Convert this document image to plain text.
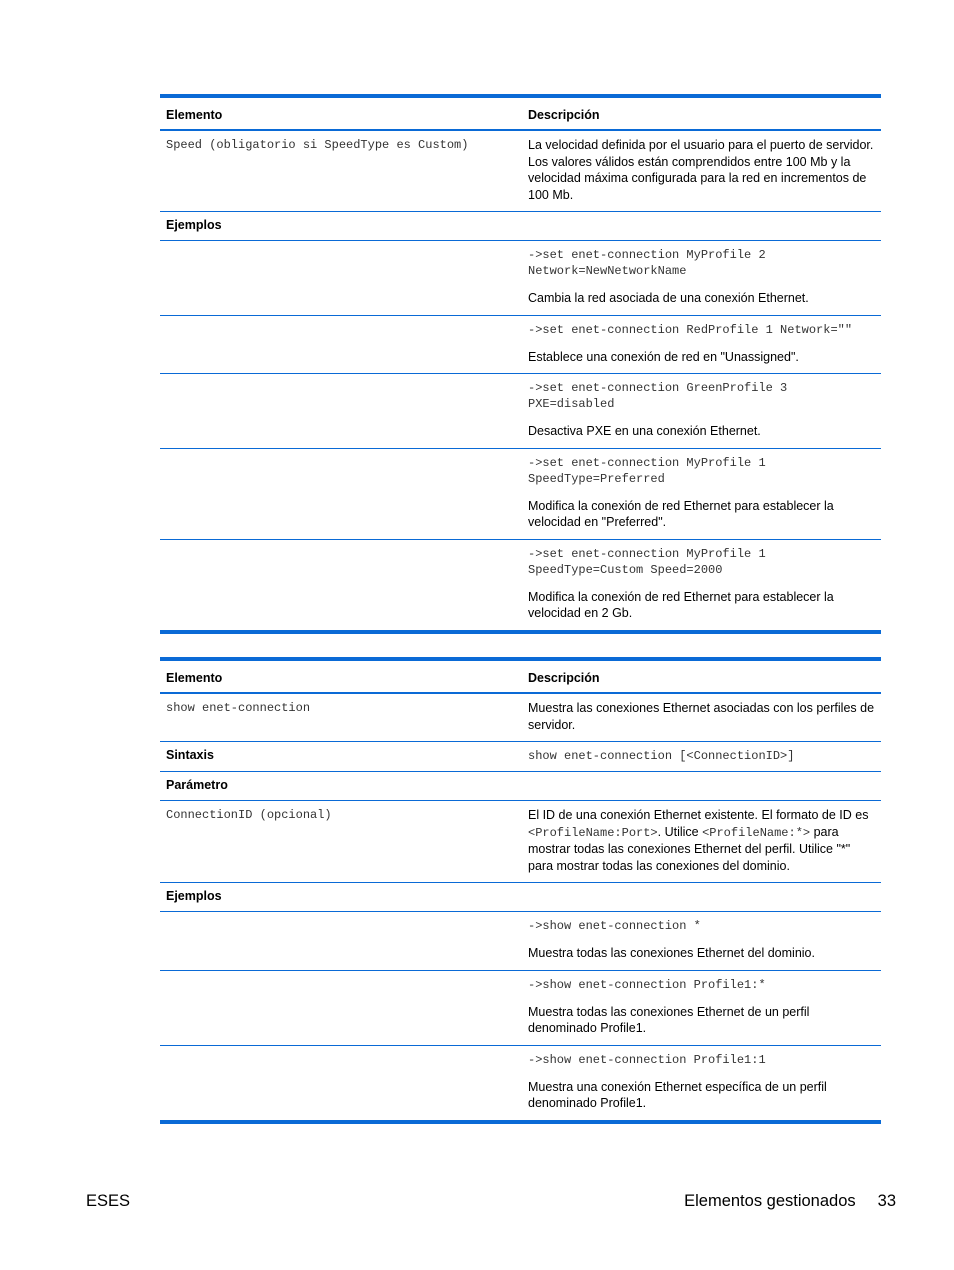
Elemento	Descripción
Speed (obligatorio si SpeedType es Custom)	La velocidad definida por el usuario para el puerto de servidor. Los valores válidos están comprendidos entre 100 Mb y la velocidad máxima configurada para la red en incrementos de 100 Mb.
Ejemplos
->set enet-connection MyProfile 2
Network=NewNetworkName
Cambia la red asociada de una conexión Ethernet.
->set enet-connection RedProfile 1 Network=""
Establece una conexión de red en "Unassigned".
->set enet-connection GreenProfile 3
PXE=disabled
Desactiva PXE en una conexión Ethernet.
->set enet-connection MyProfile 1
SpeedType=Preferred
Modifica la conexión de red Ethernet para establecer la velocidad en "Preferred".
->set enet-connection MyProfile 1
SpeedType=Custom Speed=2000
Modifica la conexión de red Ethernet para establecer la velocidad en 2 Gb.
Elemento	Descripción
show enet-connection	Muestra las conexiones Ethernet asociadas con los perfiles de servidor.
Sintaxis	show enet-connection [<ConnectionID>]
Parámetro
ConnectionID (opcional)	El ID de una conexión Ethernet existente. El formato de ID es <ProfileName:Port>. Utilice <ProfileName:*> para mostrar todas las conexiones Ethernet del perfil. Utilice "*" para mostrar todas las conexiones del dominio.
Ejemplos
->show enet-connection *
Muestra todas las conexiones Ethernet del dominio.
->show enet-connection Profile1:*
Muestra todas las conexiones Ethernet de un perfil denominado Profile1.
->show enet-connection Profile1:1
Muestra una conexión Ethernet específica de un perfil denominado Profile1.
ESES	Elementos gestionados 33
